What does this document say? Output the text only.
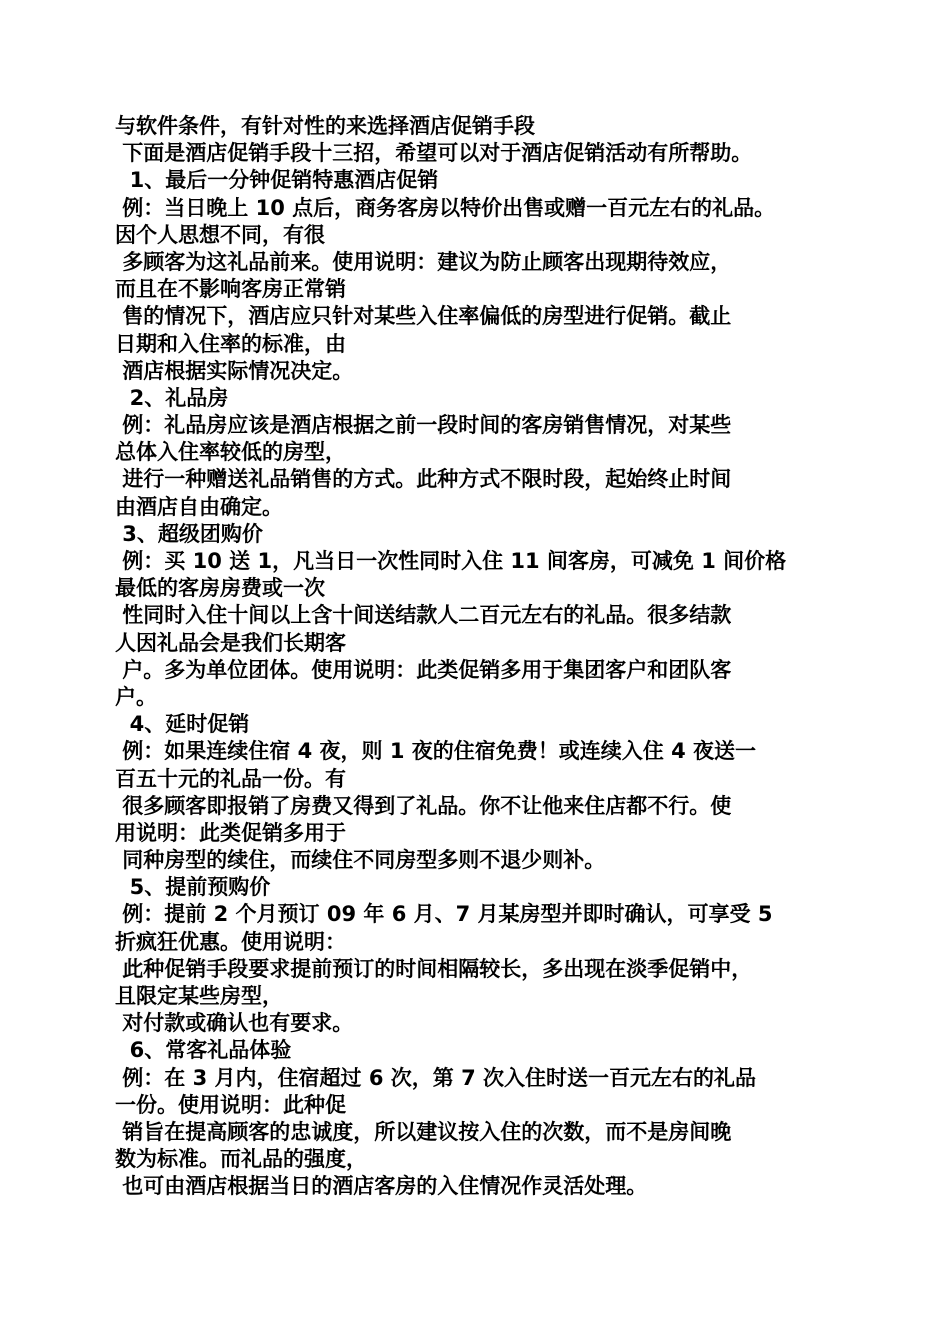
与软件条件，有针对性的来选择酒店促销手段
下面是酒店促销手段十三招，希望可以对于酒店促销活动有所帮助。
1、最后一分钟促销特惠酒店促销
例：当日晚上 10 点后，商务客房以特价出售或赠一百元左右的礼品。
因个人思想不同，有很
多顾客为这礼品前来。使用说明：建议为防止顾客出现期待效应，
而且在不影响客房正常销
售的情况下，酒店应只针对某些入住率偏低的房型进行促销。截止
日期和入住率的标准，由
酒店根据实际情况决定。
2、礼品房
例：礼品房应该是酒店根据之前一段时间的客房销售情况，对某些
总体入住率较低的房型，
进行一种赠送礼品销售的方式。此种方式不限时段，起始终止时间
由酒店自由确定。
3、超级团购价
例：买 10 送 1，凡当日一次性同时入住 11 间客房，可减免 1 间价格
最低的客房房费或一次
性同时入住十间以上含十间送结款人二百元左右的礼品。很多结款
人因礼品会是我们长期客
户。多为单位团体。使用说明：此类促销多用于集团客户和团队客
户。
4、延时促销
例：如果连续住宿 4 夜，则 1 夜的住宿免费！或连续入住 4 夜送一
百五十元的礼品一份。有
很多顾客即报销了房费又得到了礼品。你不让他来住店都不行。使
用说明：此类促销多用于
同种房型的续住，而续住不同房型多则不退少则补。
5、提前预购价
例：提前 2 个月预订 09 年 6 月、7 月某房型并即时确认，可享受 5
折疯狂优惠。使用说明：
此种促销手段要求提前预订的时间相隔较长，多出现在淡季促销中，
且限定某些房型，
对付款或确认也有要求。
6、常客礼品体验
例：在 3 月内，住宿超过 6 次，第 7 次入住时送一百元左右的礼品
一份。使用说明：此种促
销旨在提高顾客的忠诚度，所以建议按入住的次数，而不是房间晚
数为标准。而礼品的强度，
也可由酒店根据当日的酒店客房的入住情况作灵活处理。
